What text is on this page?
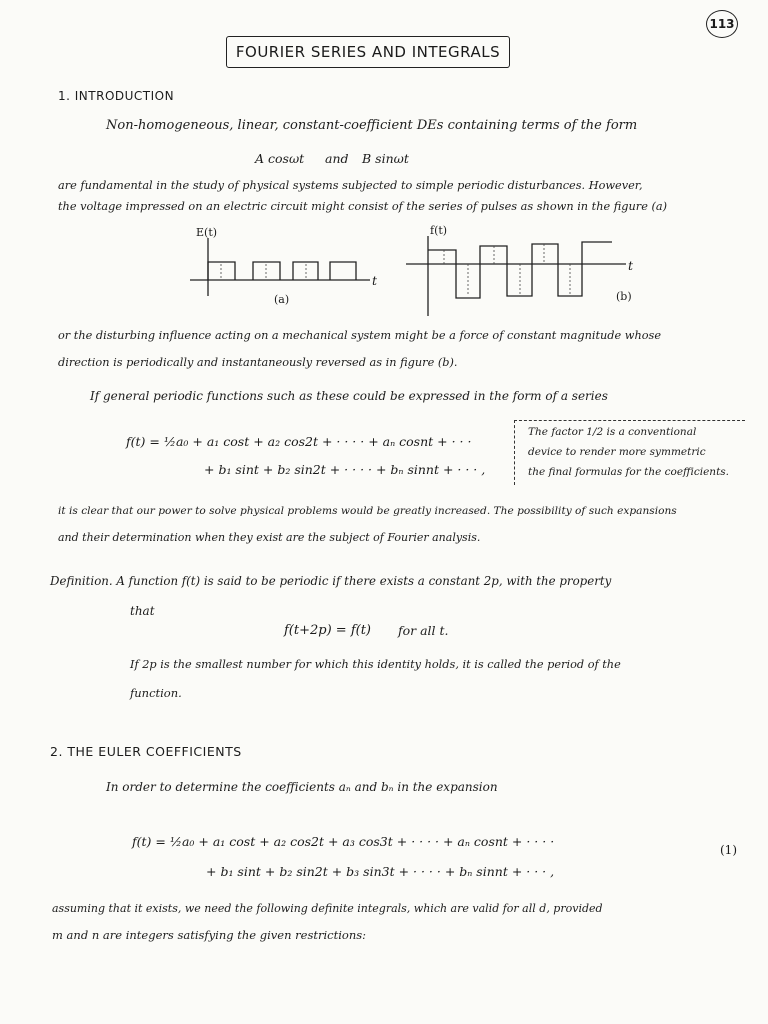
113
FOURIER SERIES AND INTEGRALS
1. INTRODUCTION
Non-homogeneous, linear, constant-coefficient DEs containing terms of the form
A cosωt and B sinωt
are fundamental in the study of physical systems subjected to simple periodic disturbances. However,
the voltage impressed on an electric circuit might consist of the series of pulses as shown in the figure (a)
E(t)
t
(a)
f(t)
t
(b)
or the disturbing influence acting on a mechanical system might be a force of constant magnitude whose
direction is periodically and instantaneously reversed as in figure (b).
If general periodic functions such as these could be expressed in the form of a series
f(t) = ½a₀ + a₁ cost + a₂ cos2t + · · · · + aₙ cosnt + · · ·
+ b₁ sint + b₂ sin2t + · · · · + bₙ sinnt + · · · ,
The factor 1/2 is a conventional
device to render more symmetric
the final formulas for the coefficients.
it is clear that our power to solve physical problems would be greatly increased. The possibility of such expansions
and their determination when they exist are the subject of Fourier analysis.
Definition. A function f(t) is said to be periodic if there exists a constant 2p, with the property
that
f(t+2p) = f(t) for all t.
If 2p is the smallest number for which this identity holds, it is called the period of the
function.
2. THE EULER COEFFICIENTS
In order to determine the coefficients aₙ and bₙ in the expansion
f(t) = ½a₀ + a₁ cost + a₂ cos2t + a₃ cos3t + · · · · + aₙ cosnt + · · · ·
+ b₁ sint + b₂ sin2t + b₃ sin3t + · · · · + bₙ sinnt + · · · ,
(1)
assuming that it exists, we need the following definite integrals, which are valid for all d, provided
m and n are integers satisfying the given restrictions:
